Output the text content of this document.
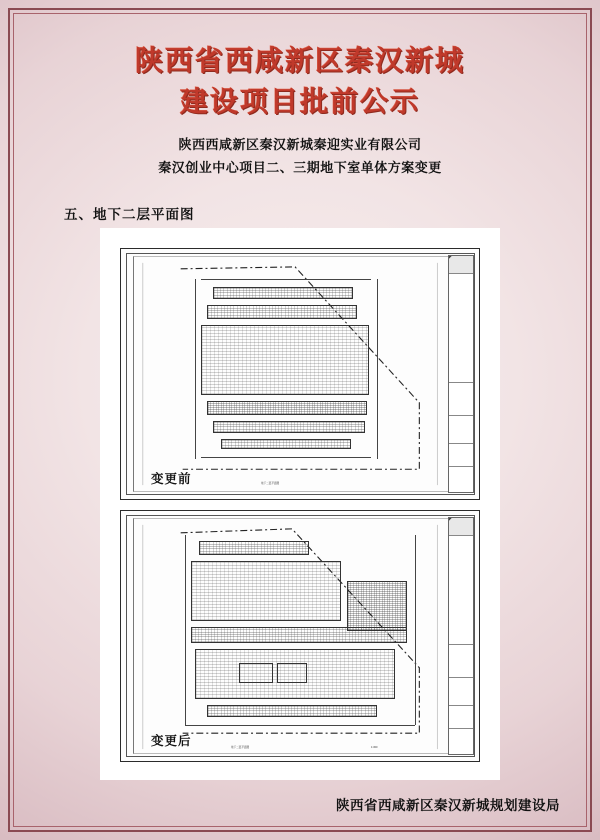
陕西省西咸新区秦汉新城
建设项目批前公示
陕西西咸新区秦汉新城秦迎实业有限公司
秦汉创业中心项目二、三期地下室单体方案变更
五、地下二层平面图
地下二层平面图
变更前
地下二层平面图	1:300
变更后
陕西省西咸新区秦汉新城规划建设局
